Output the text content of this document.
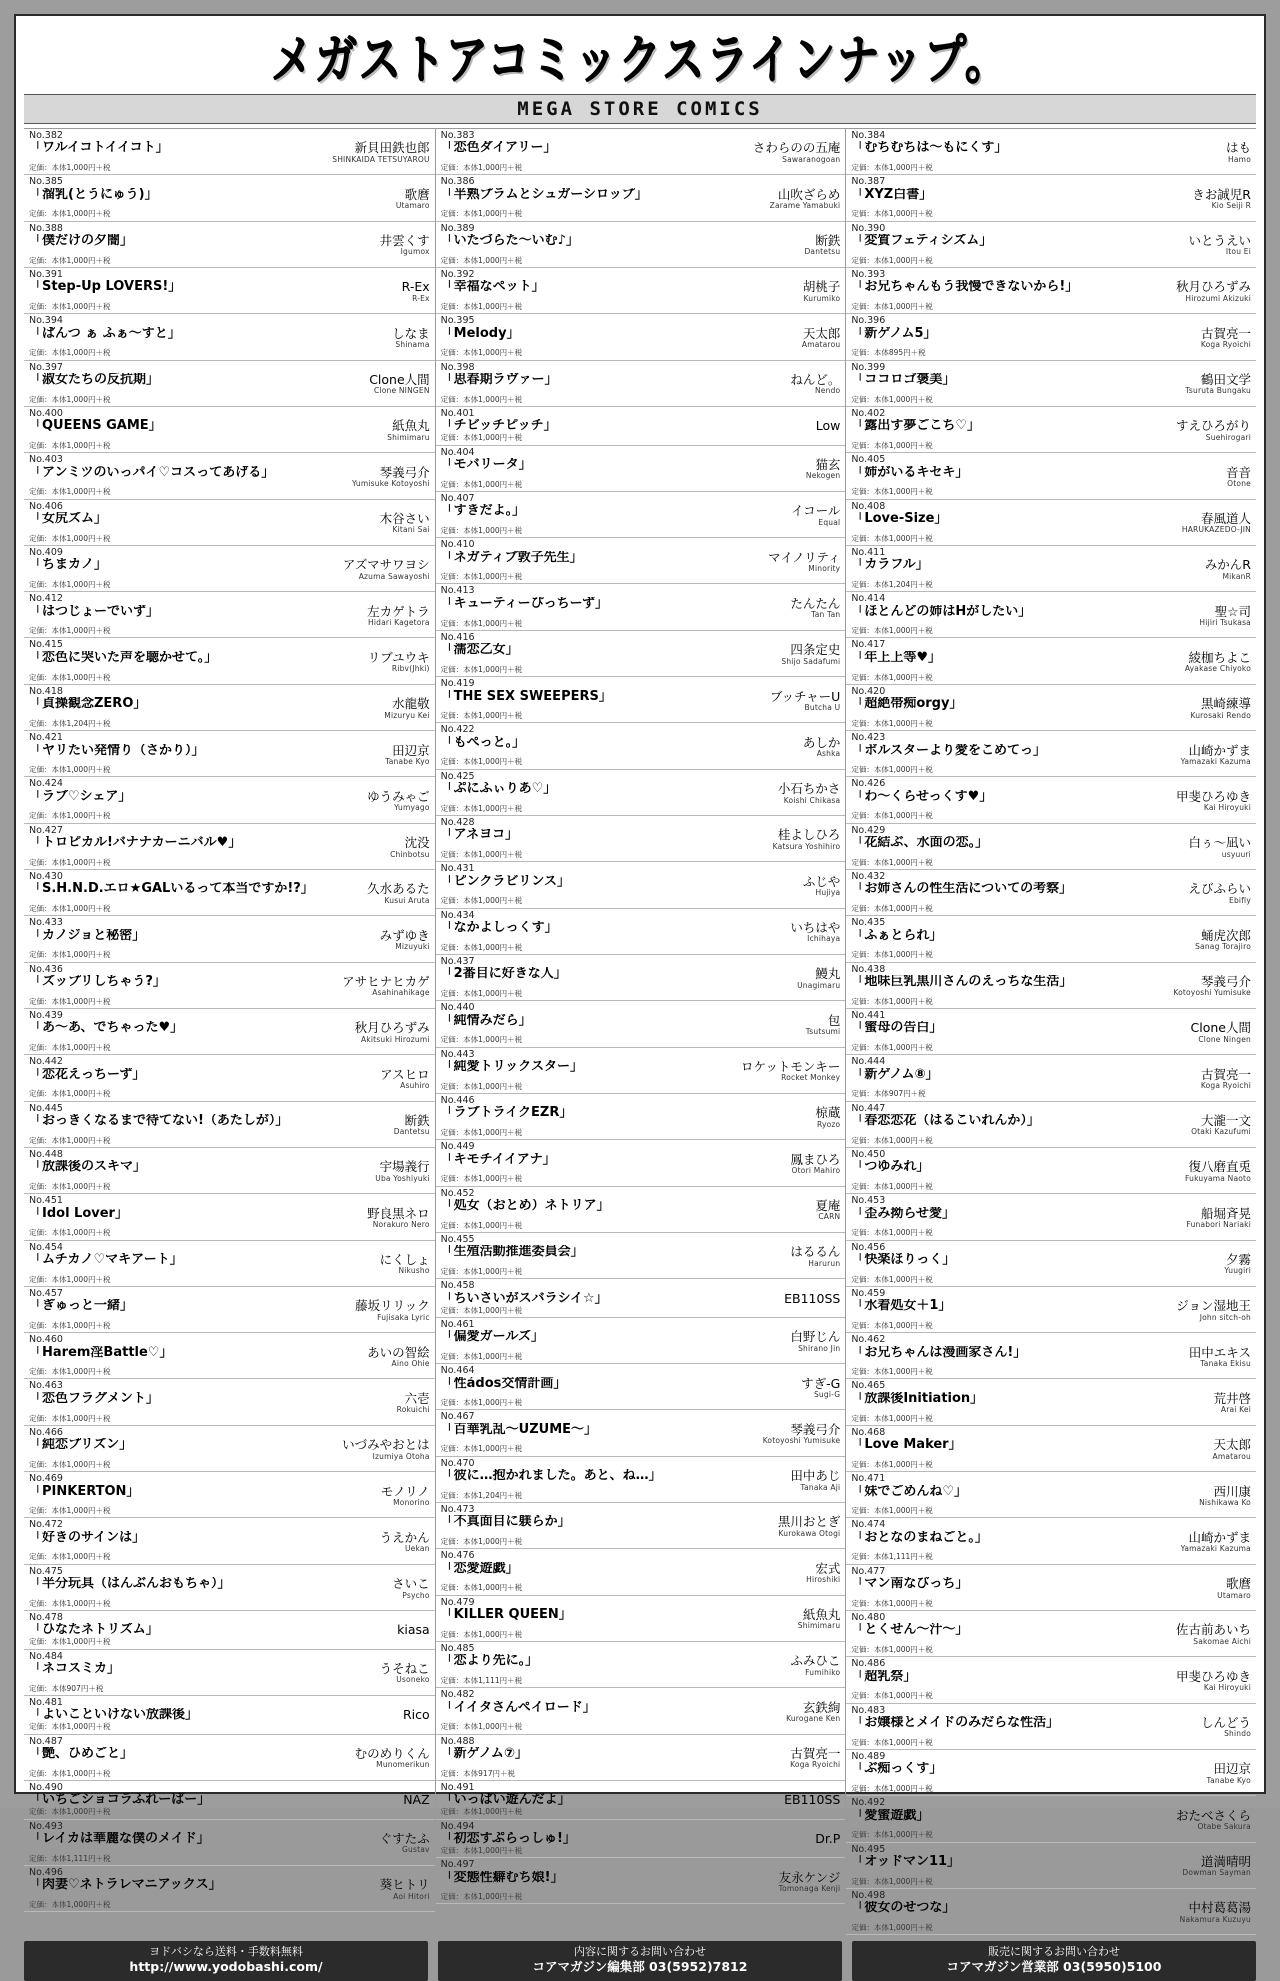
メガストアコミックスラインナップ。
MEGA STORE COMICS
No.382
「ワルイコトイイコト」	新貝田鉄也郎
SHINKAIDA TETSUYAROU
定価：本体1,000円＋税
No.385
「溜乳(とうにゅう)」	歌麿
Utamaro
定価：本体1,000円＋税
No.388
「僕だけの夕闇」	井雲くす
Igumox
定価：本体1,000円＋税
No.391
「Step-Up LOVERS!」	R-Ex
R-Ex
定価：本体1,000円＋税
No.394
「ぱんつ ぁ ふぁ〜すと」	しなま
Shinama
定価：本体1,000円＋税
No.397
「淑女たちの反抗期」	Clone人間
Clone NINGEN
定価：本体1,000円＋税
No.400
「QUEENS GAME」	紙魚丸
Shimimaru
定価：本体1,000円＋税
No.403
「アンミツのいっパイ♡コスってあげる」	琴義弓介
Yumisuke Kotoyoshi
定価：本体1,000円＋税
No.406
「女尻ズム」	木谷さい
Kitani Sai
定価：本体1,000円＋税
No.409
「ちまカノ」	アズマサワヨシ
Azuma Sawayoshi
定価：本体1,000円＋税
No.412
「はつじょーでいず」	左カゲトラ
Hidari Kagetora
定価：本体1,000円＋税
No.415
「恋色に哭いた声を聴かせて。」	リブユウキ
Ribv(Jhki)
定価：本体1,000円＋税
No.418
「貞操観念ZERO」	水龍敬
Mizuryu Kei
定価：本体1,204円＋税
No.421
「ヤリたい発情り（さかり）」	田辺京
Tanabe Kyo
定価：本体1,000円＋税
No.424
「ラブ♡シェア」	ゆうみゃご
Yumyago
定価：本体1,000円＋税
No.427
「トロピカル!バナナカーニバル♥」	沈没
Chinbotsu
定価：本体1,000円＋税
No.430
「S.H.N.D.エロ★GALいるって本当ですか!?」	久水あるた
Kusui Aruta
定価：本体1,000円＋税
No.433
「カノジョと秘密」	みずゆき
Mizuyuki
定価：本体1,000円＋税
No.436
「ズップリしちゃう?」	アサヒナヒカゲ
Asahinahikage
定価：本体1,000円＋税
No.439
「あ〜あ、でちゃった♥」	秋月ひろずみ
Akitsuki Hirozumi
定価：本体1,000円＋税
No.442
「恋花えっちーず」	アスヒロ
Asuhiro
定価：本体1,000円＋税
No.445
「おっきくなるまで待てない!（あたしが）」	断鉄
Dantetsu
定価：本体1,000円＋税
No.448
「放課後のスキマ」	宇場義行
Uba Yoshiyuki
定価：本体1,000円＋税
No.451
「Idol Lover」	野良黒ネロ
Norakuro Nero
定価：本体1,000円＋税
No.454
「ムチカノ♡マキアート」	にくしょ
Nikusho
定価：本体1,000円＋税
No.457
「ぎゅっと一緒」	藤坂リリック
Fujisaka Lyric
定価：本体1,000円＋税
No.460
「Harem淫Battle♡」	あいの智絵
Aino Ohie
定価：本体1,000円＋税
No.463
「恋色フラグメント」	六壱
Rokuichi
定価：本体1,000円＋税
No.466
「純恋プリズン」	いづみやおとは
Izumiya Otoha
定価：本体1,000円＋税
No.469
「PINKERTON」	モノリノ
Monorino
定価：本体1,000円＋税
No.472
「好きのサインは」	うえかん
Uekan
定価：本体1,000円＋税
No.475
「半分玩具（はんぶんおもちゃ）」	さいこ
Psycho
定価：本体1,000円＋税
No.478
「ひなたネトリズム」	kiasa
定価：本体1,000円＋税
No.484
「ネコスミカ」	うそねこ
Usoneko
定価：本体907円＋税
No.481
「よいこといけない放課後」	Rico
定価：本体1,000円＋税
No.487
「艶、ひめごと」	むのめりくん
Munomerikun
定価：本体1,000円＋税
No.490
「いちごショコラふれーばー」	NAZ
定価：本体1,000円＋税
No.493
「レイカは華麗な僕のメイド」	ぐすたふ
Gustav
定価：本体1,111円＋税
No.496
「肉妻♡ネトラレマニアックス」	葵ヒトリ
Aoi Hitori
定価：本体1,000円＋税
No.383
「恋色ダイアリー」	さわらのの五庵
Sawaranogoan
定価：本体1,000円＋税
No.386
「半熟プラムとシュガーシロップ」	山吹ざらめ
Zarame Yamabuki
定価：本体1,000円＋税
No.389
「いたづらた〜いむ♪」	断鉄
Dantetsu
定価：本体1,000円＋税
No.392
「幸福なペット」	胡桃子
Kurumiko
定価：本体1,000円＋税
No.395
「Melody」	天太郎
Amatarou
定価：本体1,000円＋税
No.398
「思春期ラヴァー」	ねんど。
Nendo
定価：本体1,000円＋税
No.401
「チビッチピッチ」	Low
定価：本体1,000円＋税
No.404
「モバリータ」	猫玄
Nekogen
定価：本体1,000円＋税
No.407
「すきだよ。」	イコール
Equal
定価：本体1,000円＋税
No.410
「ネガティブ敦子先生」	マイノリティ
Minority
定価：本体1,000円＋税
No.413
「キューティーぴっちーず」	たんたん
Tan Tan
定価：本体1,000円＋税
No.416
「濡恋乙女」	四条定史
Shijo Sadafumi
定価：本体1,000円＋税
No.419
「THE SEX SWEEPERS」	ブッチャーU
Butcha U
定価：本体1,000円＋税
No.422
「もぺっと。」	あしか
Ashka
定価：本体1,000円＋税
No.425
「ぷにふぃりあ♡」	小石ちかさ
Koishi Chikasa
定価：本体1,000円＋税
No.428
「アネヨコ」	桂よしひろ
Katsura Yoshihiro
定価：本体1,000円＋税
No.431
「ピンクラビリンス」	ふじや
Hujiya
定価：本体1,000円＋税
No.434
「なかよしっくす」	いちはや
Ichihaya
定価：本体1,000円＋税
No.437
「2番目に好きな人」	鰻丸
Unagimaru
定価：本体1,000円＋税
No.440
「純情みだら」	包
Tsutsumi
定価：本体1,000円＋税
No.443
「純愛トリックスター」	ロケットモンキー
Rocket Monkey
定価：本体1,000円＋税
No.446
「ラブトライクEZR」	椋蔵
Ryozo
定価：本体1,000円＋税
No.449
「キモチイイアナ」	鳳まひろ
Otori Mahiro
定価：本体1,000円＋税
No.452
「処女（おとめ）ネトリア」	夏庵
CARN
定価：本体1,000円＋税
No.455
「生殖活動推進委員会」	はるるん
Harurun
定価：本体1,000円＋税
No.458
「ちいさいがスバラシイ☆」	EB110SS
定価：本体1,000円＋税
No.461
「偏愛ガールズ」	白野じん
Shirano Jin
定価：本体1,000円＋税
No.464
「性ádos交情計画」	すぎ-G
Sugi-G
定価：本体1,000円＋税
No.467
「百華乳乱〜UZUME〜」	琴義弓介
Kotoyoshi Yumisuke
定価：本体1,000円＋税
No.470
「彼に…抱かれました。あと、ね…」	田中あじ
Tanaka Aji
定価：本体1,204円＋税
No.473
「不真面目に躾らか」	黒川おとぎ
Kurokawa Otogi
定価：本体1,000円＋税
No.476
「恋愛遊戯」	宏式
Hiroshiki
定価：本体1,000円＋税
No.479
「KILLER QUEEN」	紙魚丸
Shimimaru
定価：本体1,000円＋税
No.485
「恋より先に。」	ふみひこ
Fumihiko
定価：本体1,111円＋税
No.482
「イイタさんペイロード」	玄鉄絢
Kurogane Ken
定価：本体1,000円＋税
No.488
「新ゲノム⑦」	古賀亮一
Koga Ryoichi
定価：本体917円＋税
No.491
「いっぱい遊んだよ」	EB110SS
定価：本体1,000円＋税
No.494
「初恋すぷらっしゅ!」	Dr.P
定価：本体1,000円＋税
No.497
「変態性癖むち娘!」	友永ケンジ
Tomonaga Kenji
定価：本体1,000円＋税
No.384
「むちむちは〜もにくす」	はも
Hamo
定価：本体1,000円＋税
No.387
「XYZ白書」	きお誠児R
Kio Seiji R
定価：本体1,000円＋税
No.390
「変質フェティシズム」	いとうえい
Itou Ei
定価：本体1,000円＋税
No.393
「お兄ちゃんもう我慢できないから!」	秋月ひろずみ
Hirozumi Akizuki
定価：本体1,000円＋税
No.396
「新ゲノム5」	古賀亮一
Koga Ryoichi
定価：本体895円＋税
No.399
「ココロゴ褒美」	鶴田文学
Tsuruta Bungaku
定価：本体1,000円＋税
No.402
「露出す夢ごこち♡」	すえひろがり
Suehirogari
定価：本体1,000円＋税
No.405
「姉がいるキセキ」	音音
Otone
定価：本体1,000円＋税
No.408
「Love-Size」	春風道人
HARUKAZEDO-JIN
定価：本体1,000円＋税
No.411
「カラフル」	みかんR
MikanR
定価：本体1,204円＋税
No.414
「ほとんどの姉はHがしたい」	聖☆司
Hijiri Tsukasa
定価：本体1,000円＋税
No.417
「年上上等♥」	綾枷ちよこ
Ayakase Chiyoko
定価：本体1,000円＋税
No.420
「超絶帯痴orgy」	黒崎練導
Kurosaki Rendo
定価：本体1,000円＋税
No.423
「ボルスターより愛をこめてっ」	山崎かずま
Yamazaki Kazuma
定価：本体1,000円＋税
No.426
「わ〜くらせっくす♥」	甲斐ひろゆき
Kai Hiroyuki
定価：本体1,000円＋税
No.429
「花結ぶ、水面の恋。」	白ぅ〜凪い
usyuuri
定価：本体1,000円＋税
No.432
「お姉さんの性生活についての考察」	えびふらい
Ebifly
定価：本体1,000円＋税
No.435
「ふぁとられ」	蛹虎次郎
Sanag Torajiro
定価：本体1,000円＋税
No.438
「地味巨乳黒川さんのえっちな生活」	琴義弓介
Kotoyoshi Yumisuke
定価：本体1,000円＋税
No.441
「蜜母の告白」	Clone人間
Clone Ningen
定価：本体1,000円＋税
No.444
「新ゲノム⑧」	古賀亮一
Koga Ryoichi
定価：本体907円＋税
No.447
「春恋恋花（はるこいれんか）」	大瀧一文
Otaki Kazufumi
定価：本体1,000円＋税
No.450
「つゆみれ」	復八磨直兎
Fukuyama Naoto
定価：本体1,000円＋税
No.453
「歪み拗らせ愛」	船堀斉晃
Funabori Nariaki
定価：本体1,000円＋税
No.456
「快楽ほりっく」	夕霧
Yuugiri
定価：本体1,000円＋税
No.459
「水着処女＋1」	ジョン湿地王
John sitch-oh
定価：本体1,000円＋税
No.462
「お兄ちゃんは漫画家さん!」	田中エキス
Tanaka Ekisu
定価：本体1,000円＋税
No.465
「放課後Initiation」	荒井啓
Arai Kei
定価：本体1,000円＋税
No.468
「Love Maker」	天太郎
Amatarou
定価：本体1,000円＋税
No.471
「妹でごめんね♡」	西川康
Nishikawa Ko
定価：本体1,000円＋税
No.474
「おとなのまねごと。」	山崎かずま
Yamazaki Kazuma
定価：本体1,111円＋税
No.477
「マン南なびっち」	歌麿
Utamaro
定価：本体1,000円＋税
No.480
「とくせん〜汁〜」	佐古前あいち
Sakomae Aichi
定価：本体1,000円＋税
No.486
「超乳祭」	甲斐ひろゆき
Kai Hiroyuki
定価：本体1,000円＋税
No.483
「お嬢様とメイドのみだらな性活」	しんどう
Shindo
定価：本体1,000円＋税
No.489
「ぶ痴っくす」	田辺京
Tanabe Kyo
定価：本体1,000円＋税
No.492
「愛蜜遊戯」	おたべさくら
Otabe Sakura
定価：本体1,000円＋税
No.495
「オッドマン11」	道満晴明
Dowman Sayman
定価：本体1,000円＋税
No.498
「彼女のせつな」	中村葛葛湯
Nakamura Kuzuyu
定価：本体1,000円＋税
ヨドバシなら送料・手数料無料
http://www.yodobashi.com/
内容に関するお問い合わせ
コアマガジン編集部 03(5952)7812
販売に関するお問い合わせ
コアマガジン営業部 03(5950)5100
